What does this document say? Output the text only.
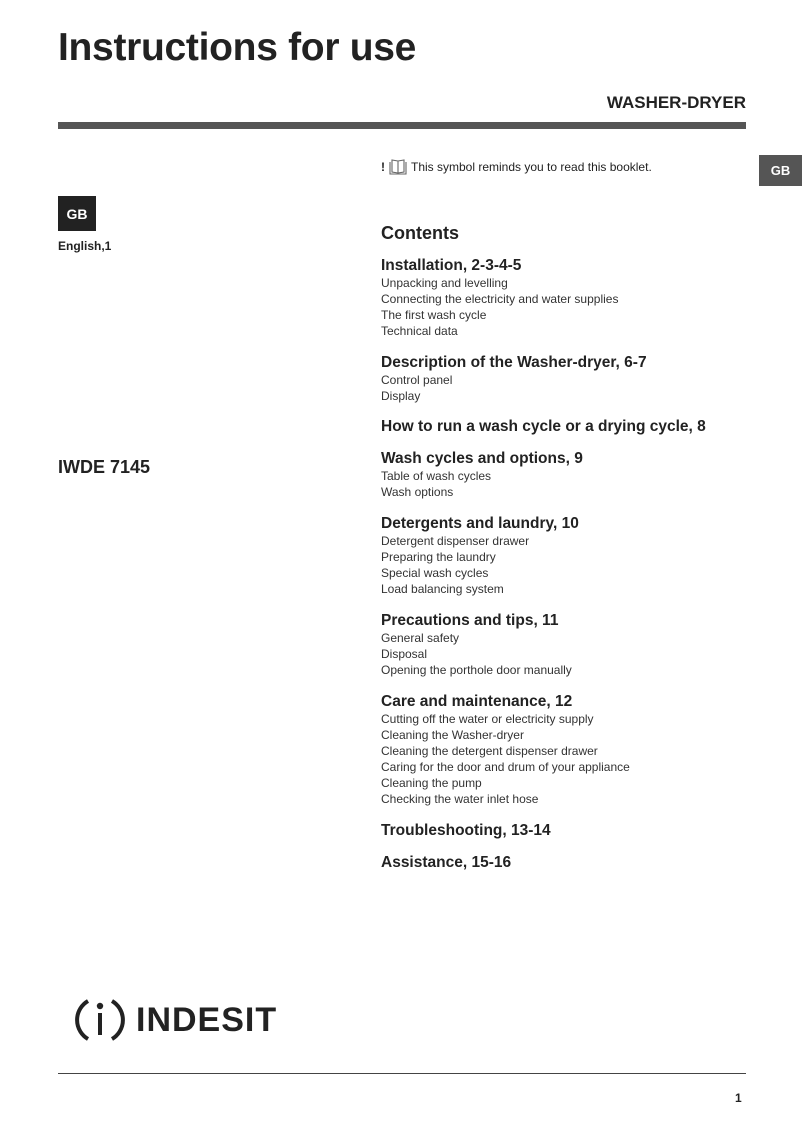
Instructions for use
WASHER-DRYER
GB
GB
English,1
IWDE 7145
! This symbol reminds you to read this booklet.
Contents
Installation, 2-3-4-5
Unpacking and levelling
Connecting the electricity and water supplies
The first wash cycle
Technical data
Description of the Washer-dryer, 6-7
Control panel
Display
How to run a wash cycle or a drying cycle, 8
Wash cycles and options, 9
Table of wash cycles
Wash options
Detergents and laundry, 10
Detergent dispenser drawer
Preparing the laundry
Special wash cycles
Load balancing system
Precautions and tips, 11
General safety
Disposal
Opening the porthole door manually
Care and maintenance, 12
Cutting off the water or electricity supply
Cleaning the Washer-dryer
Cleaning the detergent dispenser drawer
Caring for the door and drum of your appliance
Cleaning the pump
Checking the water inlet hose
Troubleshooting, 13-14
Assistance, 15-16
INDESIT
1
